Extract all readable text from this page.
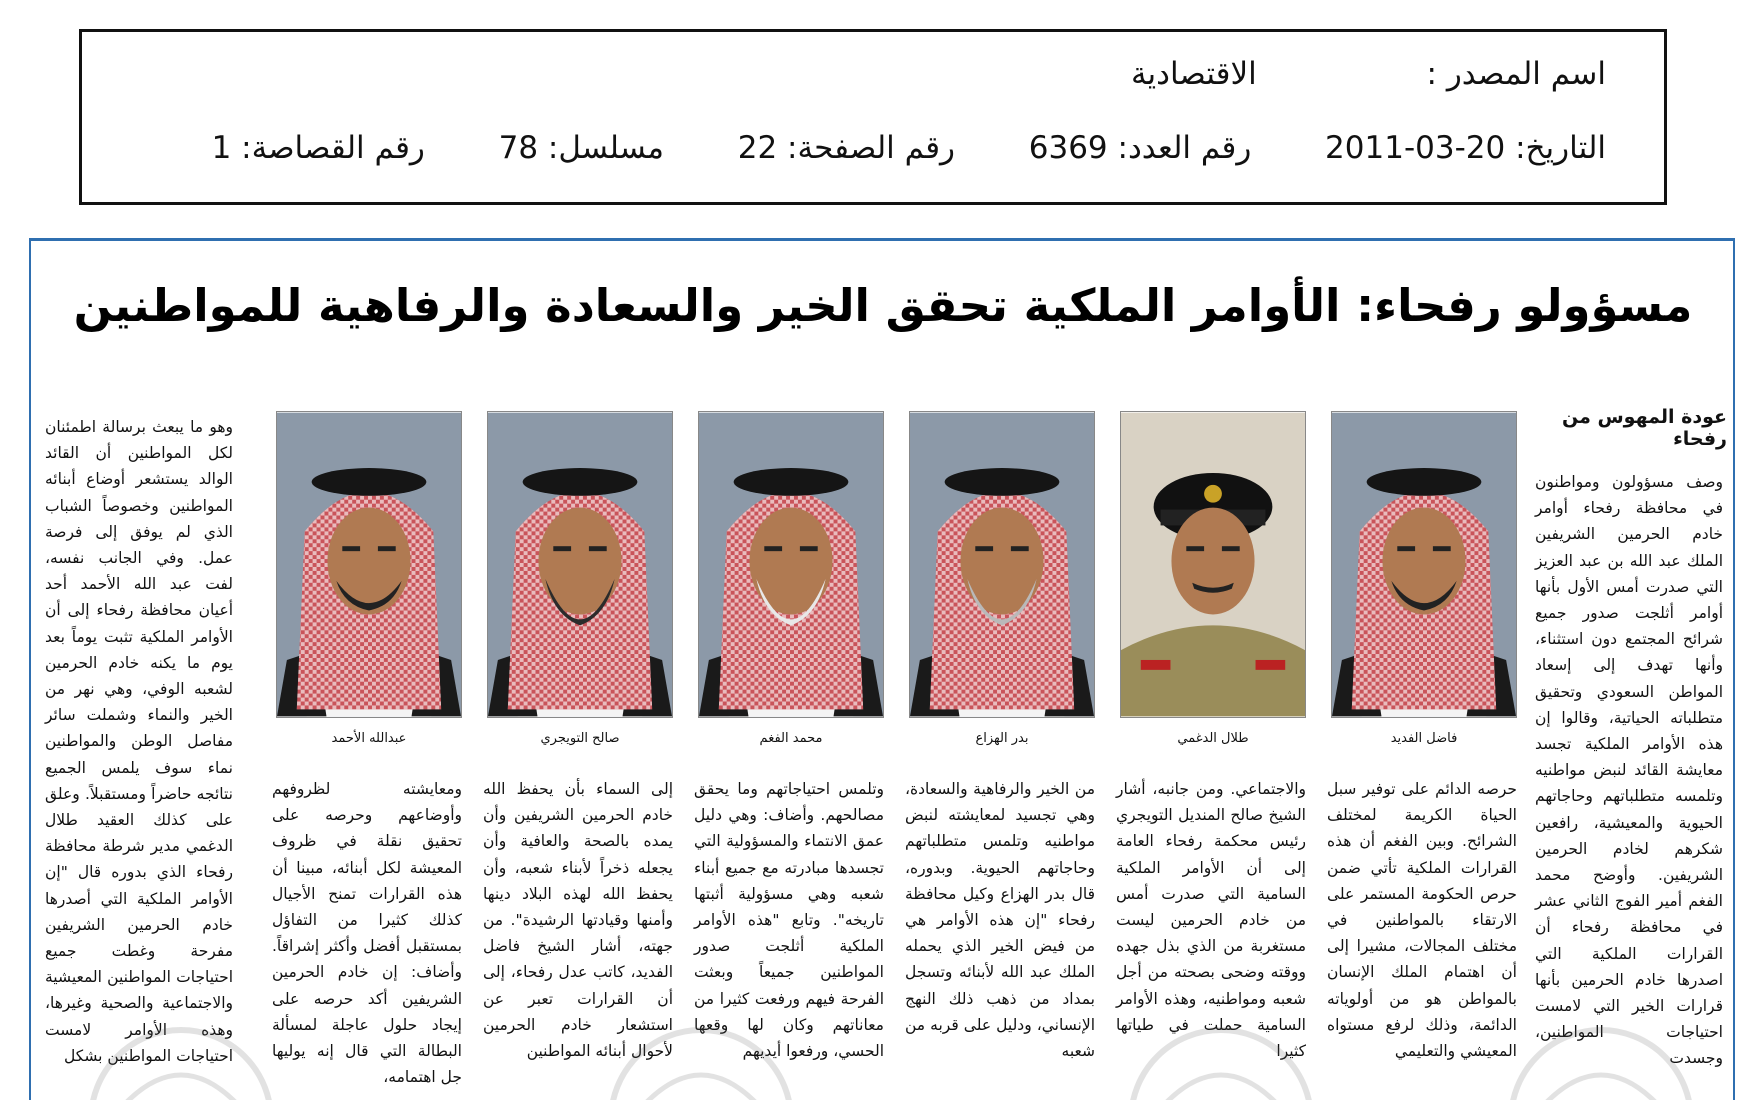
اسم المصدر :  الاقتصادية
التاريخ: 20-03-2011  رقم العدد: 6369  رقم الصفحة: 22  مسلسل: 78  رقم القصاصة: 1
مسؤولو رفحاء: الأوامر الملكية تحقق الخير والسعادة والرفاهية للمواطنين
عودة المهوس من رفحاء
وصف مسؤولون ومواطنون في محافظة رفحاء أوامر خادم الحرمين الشريفين الملك عبد الله بن عبد العزيز التي صدرت أمس الأول بأنها أوامر أثلجت صدور جميع شرائح المجتمع دون استثناء، وأنها تهدف إلى إسعاد المواطن السعودي وتحقيق متطلباته الحياتية، وقالوا إن هذه الأوامر الملكية تجسد معايشة القائد لنبض مواطنيه وتلمسه متطلباتهم وحاجاتهم الحيوية والمعيشية، رافعين شكرهم لخادم الحرمين الشريفين. وأوضح محمد الفغم أمير الفوج الثاني عشر في محافظة رفحاء أن القرارات الملكية التي اصدرها خادم الحرمين بأنها قرارات الخير التي لامست احتياجات المواطنين، وجسدت
وهو ما يبعث برسالة اطمئنان لكل المواطنين أن القائد الوالد يستشعر أوضاع أبنائه المواطنين وخصوصاً الشباب الذي لم يوفق إلى فرصة عمل. وفي الجانب نفسه، لفت عبد الله الأحمد أحد أعيان محافظة رفحاء إلى أن الأوامر الملكية تثبت يوماً بعد يوم ما يكنه خادم الحرمين لشعبه الوفي، وهي نهر من الخير والنماء وشملت سائر مفاصل الوطن والمواطنين نماء سوف يلمس الجميع نتائجه حاضراً ومستقبلاً. وعلق على كذلك العقيد طلال الدغمي مدير شرطة محافظة رفحاء الذي بدوره قال "إن الأوامر الملكية التي أصدرها خادم الحرمين الشريفين مفرحة وغطت جميع احتياجات المواطنين المعيشية والاجتماعية والصحية وغيرها، وهذه الأوامر لامست احتياجات المواطنين بشكل
فاضل الفديد
طلال الدغمي
بدر الهزاع
محمد الفغم
صالح التويجري
عبدالله الأحمد
حرصه الدائم على توفير سبل الحياة الكريمة لمختلف الشرائح. وبين الفغم أن هذه القرارات الملكية تأتي ضمن حرص الحكومة المستمر على الارتقاء بالمواطنين في مختلف المجالات، مشيرا إلى أن اهتمام الملك الإنسان بالمواطن هو من أولوياته الدائمة، وذلك لرفع مستواه المعيشي والتعليمي
والاجتماعي. ومن جانبه، أشار الشيخ صالح المنديل التويجري رئيس محكمة رفحاء العامة إلى أن الأوامر الملكية السامية التي صدرت أمس من خادم الحرمين ليست مستغربة من الذي بذل جهده ووقته وضحى بصحته من أجل شعبه ومواطنيه، وهذه الأوامر السامية حملت في طياتها كثيرا
من الخير والرفاهية والسعادة، وهي تجسيد لمعايشته لنبض مواطنيه وتلمس متطلباتهم وحاجاتهم الحيوية. وبدوره، قال بدر الهزاع وكيل محافظة رفحاء "إن هذه الأوامر هي من فيض الخير الذي يحمله الملك عبد الله لأبنائه وتسجل بمداد من ذهب ذلك النهج الإنساني، ودليل على قربه من شعبه
وتلمس احتياجاتهم وما يحقق مصالحهم. وأضاف: وهي دليل عمق الانتماء والمسؤولية التي تجسدها مبادرته مع جميع أبناء شعبه وهي مسؤولية أثبتها تاريخه". وتابع "هذه الأوامر الملكية أثلجت صدور المواطنين جميعاً وبعثت الفرحة فيهم ورفعت كثيرا من معاناتهم وكان لها وقعها الحسي، ورفعوا أيديهم
إلى السماء بأن يحفظ الله خادم الحرمين الشريفين وأن يمده بالصحة والعافية وأن يجعله ذخراً لأبناء شعبه، وأن يحفظ الله لهذه البلاد دينها وأمنها وقيادتها الرشيدة". من جهته، أشار الشيخ فاضل الفديد، كاتب عدل رفحاء، إلى أن القرارات تعبر عن استشعار خادم الحرمين لأحوال أبنائه المواطنين
ومعايشته لظروفهم وأوضاعهم وحرصه على تحقيق نقلة في ظروف المعيشة لكل أبنائه، مبينا أن هذه القرارات تمنح الأجيال كذلك كثيرا من التفاؤل بمستقبل أفضل وأكثر إشراقاً. وأضاف: إن خادم الحرمين الشريفين أكد حرصه على إيجاد حلول عاجلة لمسألة البطالة التي قال إنه يوليها جل اهتمامه،
